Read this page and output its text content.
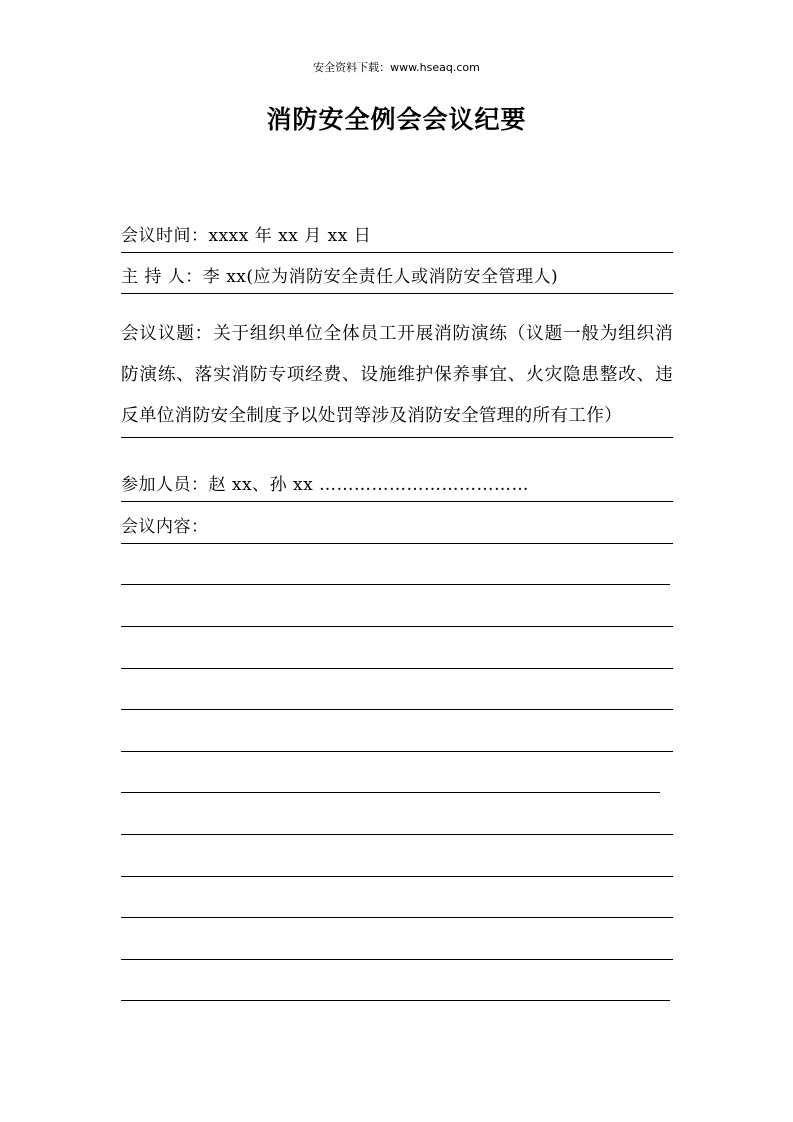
安全资料下载：www.hseaq.com
消防安全例会会议纪要
会议时间：xxxx 年 xx 月 xx 日
主 持 人：李 xx(应为消防安全责任人或消防安全管理人)
会议议题：关于组织单位全体员工开展消防演练（议题一般为组织消防演练、落实消防专项经费、设施维护保养事宜、火灾隐患整改、违反单位消防安全制度予以处罚等涉及消防安全管理的所有工作）
参加人员：赵 xx、孙 xx ………………………………
会议内容：
